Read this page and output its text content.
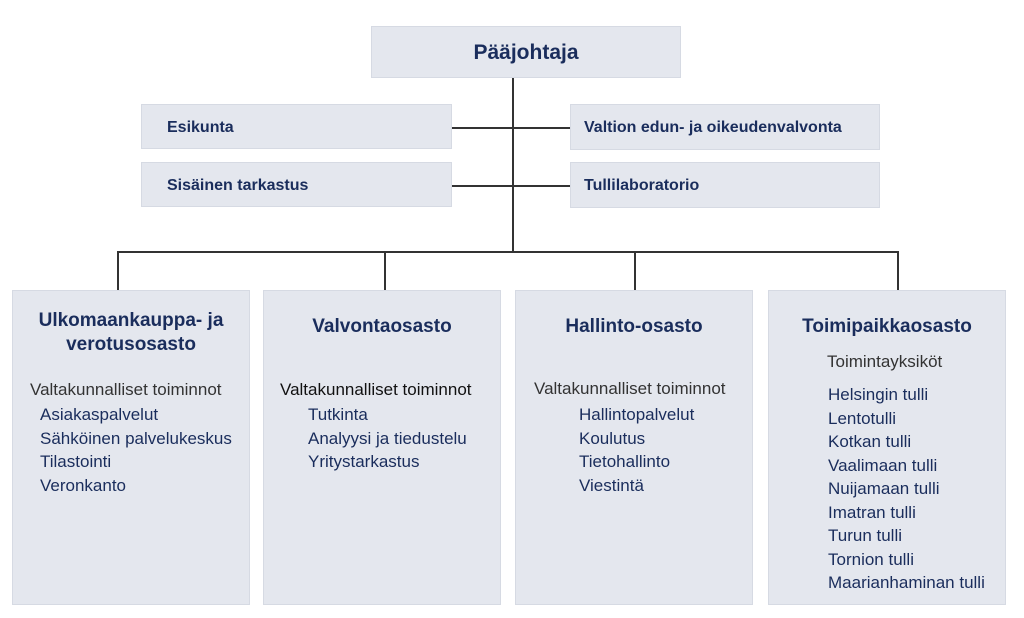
Pääjohtaja
Esikunta
Sisäinen tarkastus
Valtion edun- ja oikeudenvalvonta
Tullilaboratorio
Ulkomaankauppa- ja
verotusosasto
Valtakunnalliset toiminnot
Asiakaspalvelut
Sähköinen palvelukeskus
Tilastointi
Veronkanto
Valvontaosasto
Valtakunnalliset toiminnot
Tutkinta
Analyysi ja tiedustelu
Yritystarkastus
Hallinto-osasto
Valtakunnalliset toiminnot
Hallintopalvelut
Koulutus
Tietohallinto
Viestintä
Toimipaikkaosasto
Toimintayksiköt
Helsingin tulli
Lentotulli
Kotkan tulli
Vaalimaan tulli
Nuijamaan tulli
Imatran tulli
Turun tulli
Tornion tulli
Maarianhaminan tulli
